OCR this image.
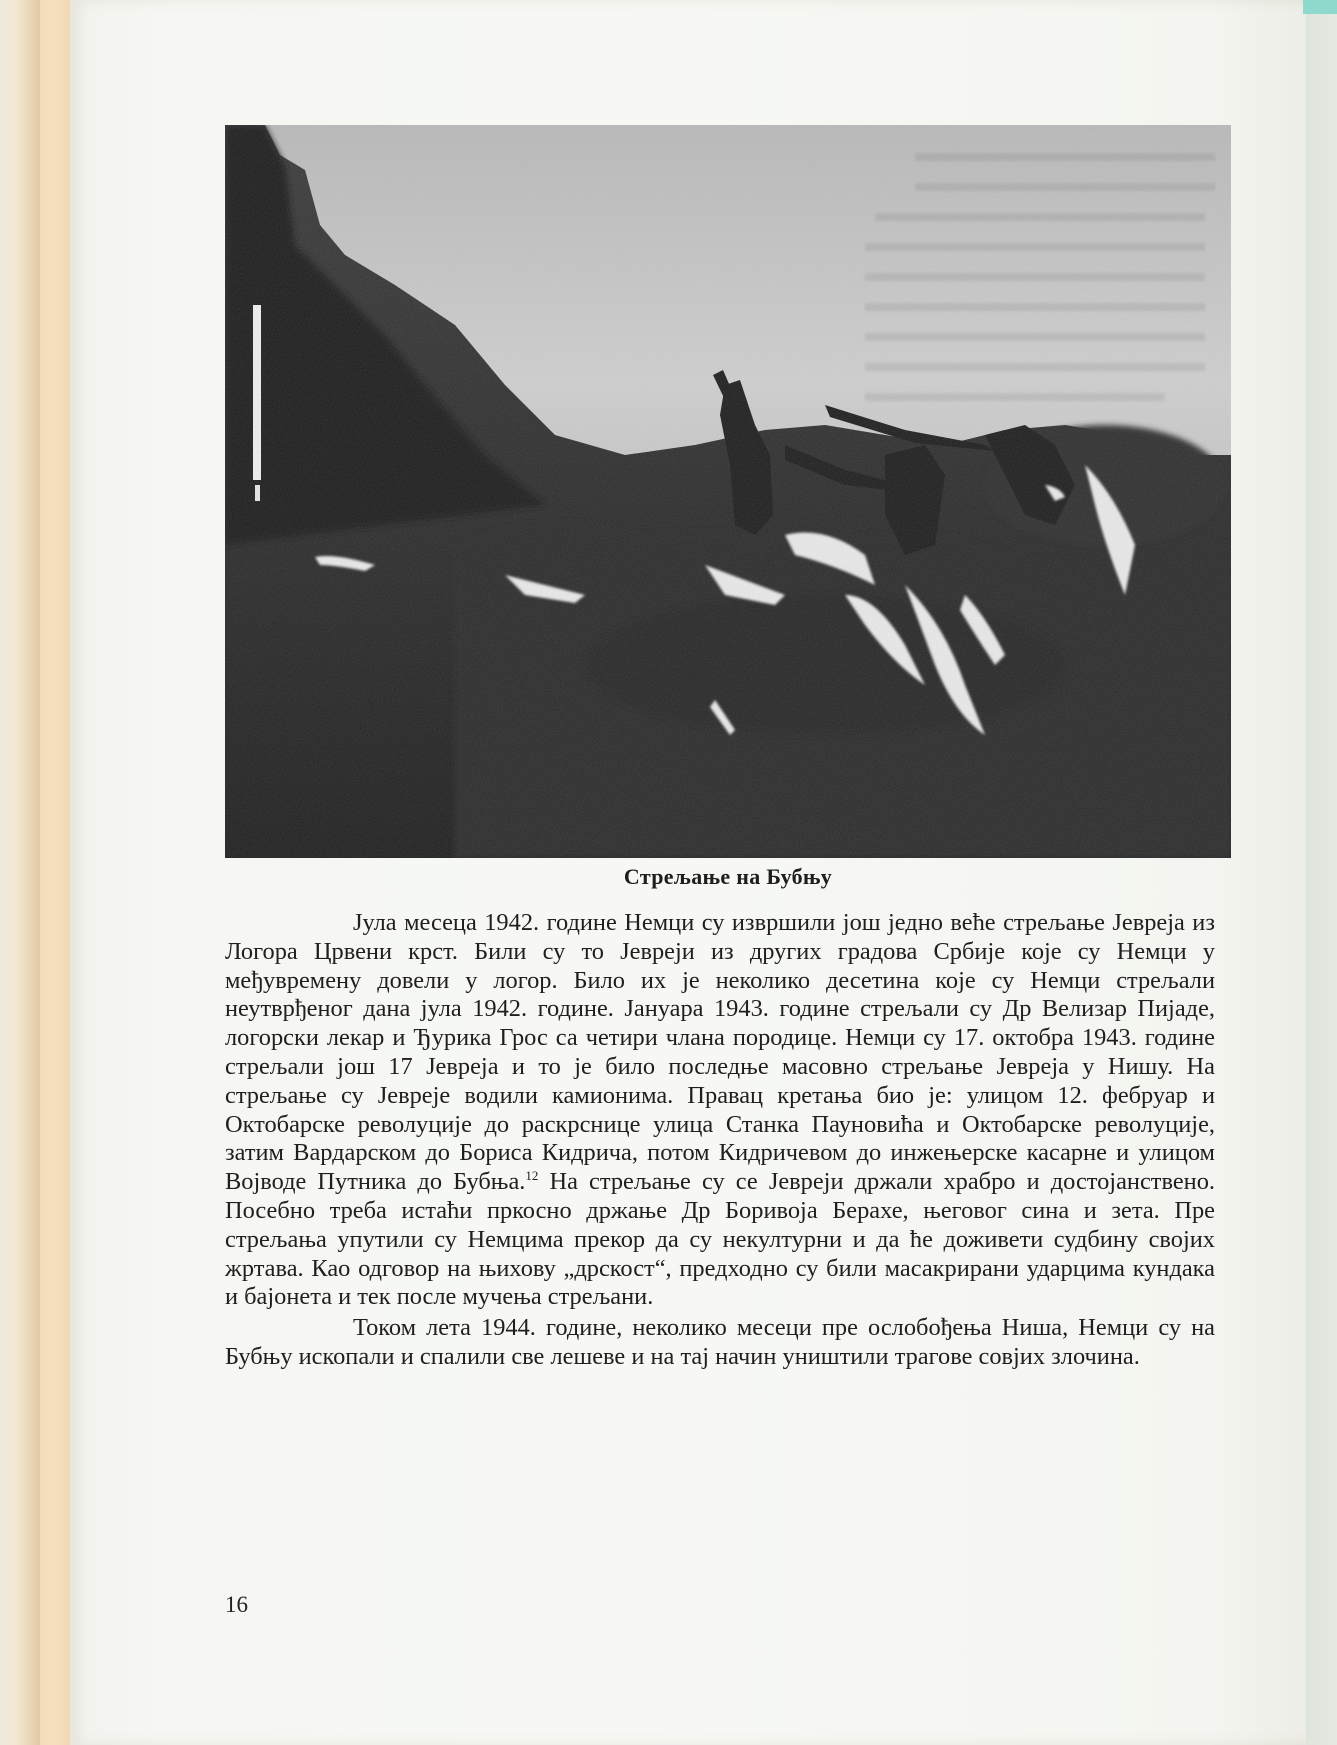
Стрељање на Бубњу

Јула месеца 1942. године Немци су извршили још једно веће стрељање Јевреја из Логора Црвени крст. Били су то Јевреји из других градова Србије које су Немци у међувремену довели у логор. Било их је неколико десетина које су Немци стрељали неутврђеног дана јула 1942. године. Јануара 1943. године стрељали су Др Велизар Пијаде, логорски лекар и Ђурика Грос са четири члана породице. Немци су 17. октобра 1943. године стрељали још 17 Јевреја и то је било последње масовно стрељање Јевреја у Нишу. На стрељање су Јевреје водили камионима. Правац кретања био је: улицом 12. фебруар и Октобарске револуције до раскрснице улица Станка Пауновића и Октобарске револуције, затим Вардарском до Бориса Кидрича, потом Кидричевом до инжењерске касарне и улицом Војводе Путника до Бубња.$^{12}$ На стрељање су се Јевреји држали храбро и достојанствено. Посебно треба истаћи пркосно држање Др Боривоја Берахе, његовог сина и зета. Пре стрељања упутили су Немцима прекор да су некултурни и да ће доживети судбину својих жртава. Као одговор на њихову „дрскост“, предходно су били масакрирани ударцима кундака и бајонета и тек после мучења стрељани.

Током лета 1944. године, неколико месеци пре ослобођења Ниша, Немци су на Бубњу ископали и спалили све лешеве и на тај начин уништили трагове совјих злочина.

16
